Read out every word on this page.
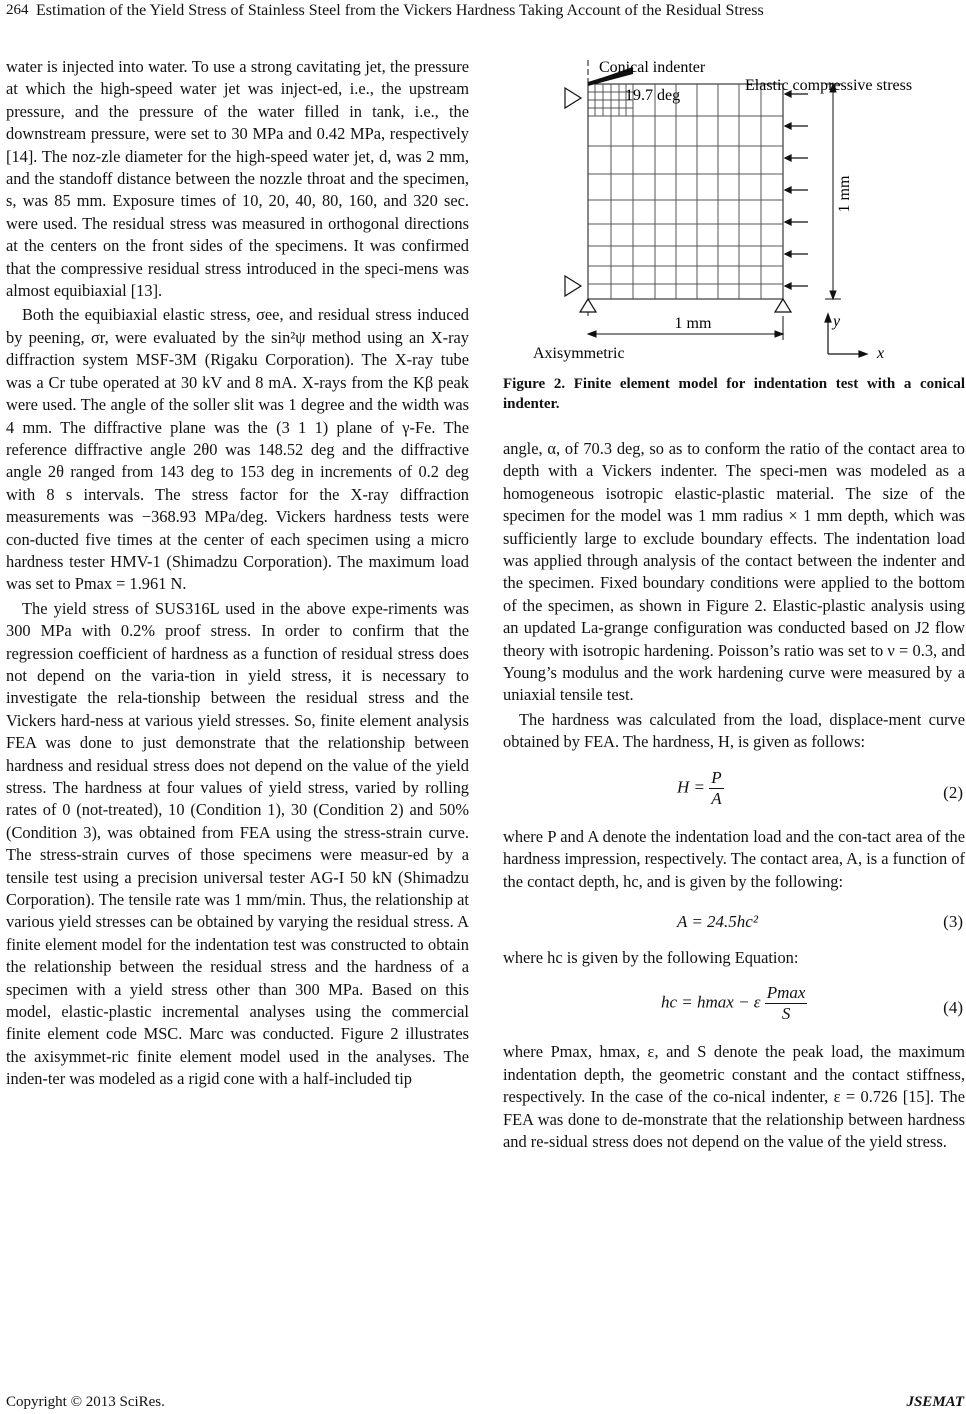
264 Estimation of the Yield Stress of Stainless Steel from the Vickers Hardness Taking Account of the Residual Stress

water is injected into water. To use a strong cavitating jet, the pressure at which the high-speed water jet was inject-ed, i.e., the upstream pressure, and the pressure of the water filled in tank, i.e., the downstream pressure, were set to 30 MPa and 0.42 MPa, respectively [14]. The noz-zle diameter for the high-speed water jet, d, was 2 mm, and the standoff distance between the nozzle throat and the specimen, s, was 85 mm. Exposure times of 10, 20, 40, 80, 160, and 320 sec. were used. The residual stress was measured in orthogonal directions at the centers on the front sides of the specimens. It was confirmed that the compressive residual stress introduced in the speci-mens was almost equibiaxial [13].

Both the equibiaxial elastic stress, σee, and residual stress induced by peening, σr, were evaluated by the sin²ψ method using an X-ray diffraction system MSF-3M (Rigaku Corporation). The X-ray tube was a Cr tube operated at 30 kV and 8 mA. X-rays from the Kβ peak were used. The angle of the soller slit was 1 degree and the width was 4 mm. The diffractive plane was the (3 1 1) plane of γ-Fe. The reference diffractive angle 2θ0 was 148.52 deg and the diffractive angle 2θ ranged from 143 deg to 153 deg in increments of 0.2 deg with 8 s intervals. The stress factor for the X-ray diffraction measurements was −368.93 MPa/deg. Vickers hardness tests were con-ducted five times at the center of each specimen using a micro hardness tester HMV-1 (Shimadzu Corporation). The maximum load was set to Pmax = 1.961 N.

The yield stress of SUS316L used in the above expe-riments was 300 MPa with 0.2% proof stress. In order to confirm that the regression coefficient of hardness as a function of residual stress does not depend on the varia-tion in yield stress, it is necessary to investigate the rela-tionship between the residual stress and the Vickers hard-ness at various yield stresses. So, finite element analysis FEA was done to just demonstrate that the relationship between hardness and residual stress does not depend on the value of the yield stress. The hardness at four values of yield stress, varied by rolling rates of 0 (not-treated), 10 (Condition 1), 30 (Condition 2) and 50% (Condition 3), was obtained from FEA using the stress-strain curve. The stress-strain curves of those specimens were measur-ed by a tensile test using a precision universal tester AG-I 50 kN (Shimadzu Corporation). The tensile rate was 1 mm/min. Thus, the relationship at various yield stresses can be obtained by varying the residual stress. A finite element model for the indentation test was constructed to obtain the relationship between the residual stress and the hardness of a specimen with a yield stress other than 300 MPa. Based on this model, elastic-plastic incremental analyses using the commercial finite element code MSC. Marc was conducted. Figure 2 illustrates the axisymmet-ric finite element model used in the analyses. The inden-ter was modeled as a rigid cone with a half-included tip

Conical indenter
19.7 deg
Elastic compressive stress
1 mm
1 mm
Axisymmetric
y
x
Figure 2. Finite element model for indentation test with a conical indenter.

angle, α, of 70.3 deg, so as to conform the ratio of the contact area to depth with a Vickers indenter. The speci-men was modeled as a homogeneous isotropic elastic-plastic material. The size of the specimen for the model was 1 mm radius × 1 mm depth, which was sufficiently large to exclude boundary effects. The indentation load was applied through analysis of the contact between the indenter and the specimen. Fixed boundary conditions were applied to the bottom of the specimen, as shown in Figure 2. Elastic-plastic analysis using an updated La-grange configuration was conducted based on J2 flow theory with isotropic hardening. Poisson’s ratio was set to ν = 0.3, and Young’s modulus and the work hardening curve were measured by a uniaxial tensile test.

The hardness was calculated from the load, displace-ment curve obtained by FEA. The hardness, H, is given as follows:

$H = \frac{P}{A}$	(2)

where P and A denote the indentation load and the con-tact area of the hardness impression, respectively. The contact area, A, is a function of the contact depth, hc, and is given by the following:

A = 24.5hc²	(3)

where hc is given by the following Equation:

hc = hmax − ε $\frac{Pmax}{S}$	(4)

where Pmax, hmax, ε, and S denote the peak load, the maximum indentation depth, the geometric constant and the contact stiffness, respectively. In the case of the co-nical indenter, ε = 0.726 [15]. The FEA was done to de-monstrate that the relationship between hardness and re-sidual stress does not depend on the value of the yield stress.

Copyright © 2013 SciRes.	JSEMAT
